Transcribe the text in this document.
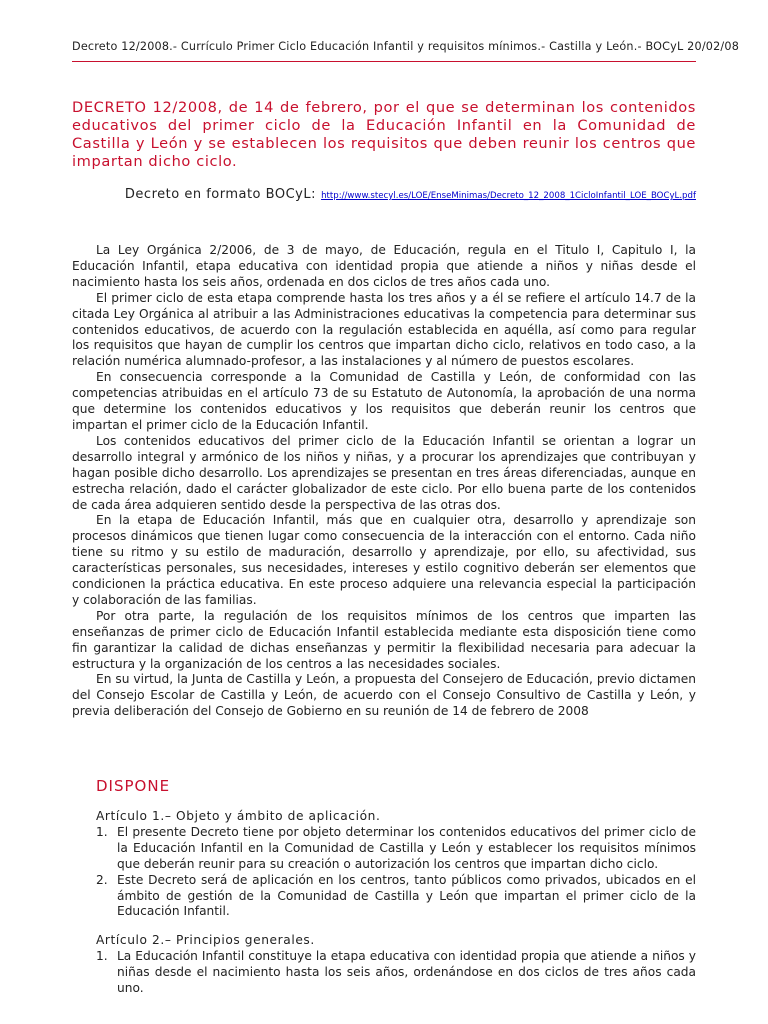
Decreto 12/2008.- Currículo Primer Ciclo Educación Infantil y requisitos mínimos.- Castilla y León.- BOCyL 20/02/08
DECRETO 12/2008, de 14 de febrero, por el que se determinan los contenidos educativos del primer ciclo de la Educación Infantil en la Comunidad de Castilla y León y se establecen los requisitos que deben reunir los centros que impartan dicho ciclo.
Decreto en formato BOCyL: http://www.stecyl.es/LOE/EnseMinimas/Decreto_12_2008_1CicloInfantil_LOE_BOCyL.pdf

La Ley Orgánica 2/2006, de 3 de mayo, de Educación, regula en el Titulo I, Capitulo I, la Educación Infantil, etapa educativa con identidad propia que atiende a niños y niñas desde el nacimiento hasta los seis años, ordenada en dos ciclos de tres años cada uno.

El primer ciclo de esta etapa comprende hasta los tres años y a él se refiere el artículo 14.7 de la citada Ley Orgánica al atribuir a las Administraciones educativas la competencia para determinar sus contenidos educativos, de acuerdo con la regulación establecida en aquélla, así como para regular los requisitos que hayan de cumplir los centros que impartan dicho ciclo, relativos en todo caso, a la relación numérica alumnado-profesor, a las instalaciones y al número de puestos escolares.

En consecuencia corresponde a la Comunidad de Castilla y León, de conformidad con las competencias atribuidas en el artículo 73 de su Estatuto de Autonomía, la aprobación de una norma que determine los contenidos educativos y los requisitos que deberán reunir los centros que impartan el primer ciclo de la Educación Infantil.

Los contenidos educativos del primer ciclo de la Educación Infantil se orientan a lograr un desarrollo integral y armónico de los niños y niñas, y a procurar los aprendizajes que contribuyan y hagan posible dicho desarrollo. Los aprendizajes se presentan en tres áreas diferenciadas, aunque en estrecha relación, dado el carácter globalizador de este ciclo. Por ello buena parte de los contenidos de cada área adquieren sentido desde la perspectiva de las otras dos.

En la etapa de Educación Infantil, más que en cualquier otra, desarrollo y aprendizaje son procesos dinámicos que tienen lugar como consecuencia de la interacción con el entorno. Cada niño tiene su ritmo y su estilo de maduración, desarrollo y aprendizaje, por ello, su afectividad, sus características personales, sus necesidades, intereses y estilo cognitivo deberán ser elementos que condicionen la práctica educativa. En este proceso adquiere una relevancia especial la participación y colaboración de las familias.

Por otra parte, la regulación de los requisitos mínimos de los centros que imparten las enseñanzas de primer ciclo de Educación Infantil establecida mediante esta disposición tiene como fin garantizar la calidad de dichas enseñanzas y permitir la flexibilidad necesaria para adecuar la estructura y la organización de los centros a las necesidades sociales.

En su virtud, la Junta de Castilla y León, a propuesta del Consejero de Educación, previo dictamen del Consejo Escolar de Castilla y León, de acuerdo con el Consejo Consultivo de Castilla y León, y previa deliberación del Consejo de Gobierno en su reunión de 14 de febrero de 2008

DISPONE

Artículo 1.– Objeto y ámbito de aplicación.

1. El presente Decreto tiene por objeto determinar los contenidos educativos del primer ciclo de la Educación Infantil en la Comunidad de Castilla y León y establecer los requisitos mínimos que deberán reunir para su creación o autorización los centros que impartan dicho ciclo.
2. Este Decreto será de aplicación en los centros, tanto públicos como privados, ubicados en el ámbito de gestión de la Comunidad de Castilla y León que impartan el primer ciclo de la Educación Infantil.

Artículo 2.– Principios generales.

1. La Educación Infantil constituye la etapa educativa con identidad propia que atiende a niños y niñas desde el nacimiento hasta los seis años, ordenándose en dos ciclos de tres años cada uno.
